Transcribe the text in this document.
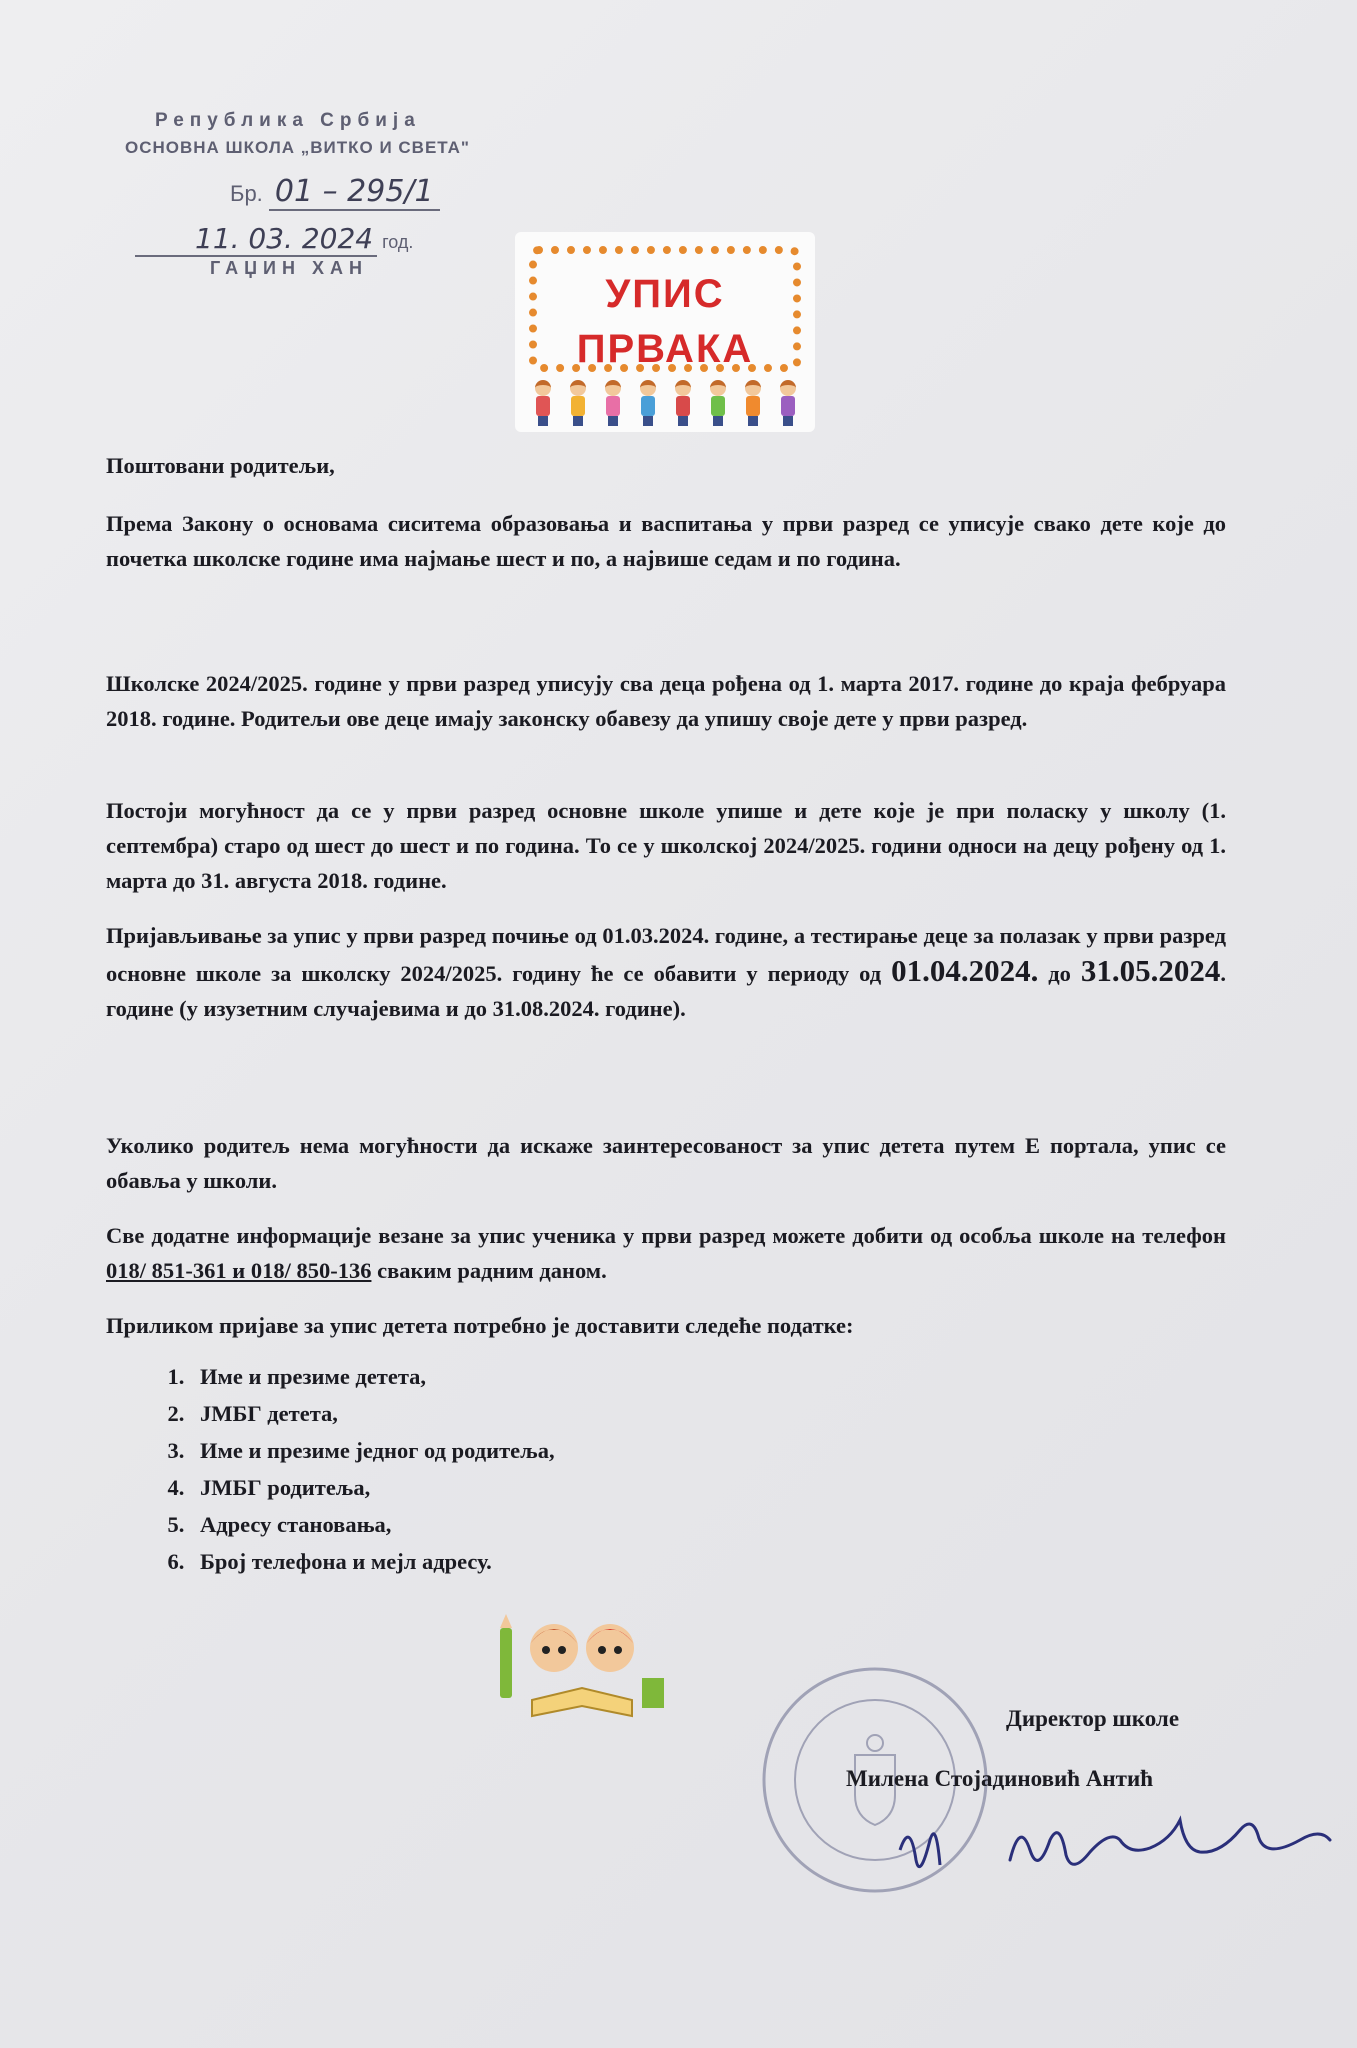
Република Србија
ОСНОВНА ШКОЛА „ВИТКО И СВЕТА"
Бр. 01 – 295/1
11. 03. 2024 год.
ГАЏИН ХАН
УПИС
ПРВАКА
Поштовани родитељи,

Према Закону о основама сиситема образовања и васпитања у први разред се уписује свако дете које до почетка школске године има најмање шест и по, а највише седам и по година.

Школске 2024/2025. године у први разред уписују сва деца рођена од 1. марта 2017. године до краја фебруара 2018. године. Родитељи ове деце имају законску обавезу да упишу своје дете у први разред.

Постоји могућност да се у први разред основне школе упише и дете које је при поласку у школу (1. септембра) старо од шест до шест и по година. То се у школској 2024/2025. години односи на децу рођену од 1. марта до 31. августа 2018. године.

Пријављивање за упис у први разред почиње од 01.03.2024. године, а тестирање деце за полазак у први разред основне школе за школску 2024/2025. годину ће се обавити у периоду од 01.04.2024. до 31.05.2024. године (у изузетним случајевима и до 31.08.2024. године).

Уколико родитељ нема могућности да искаже заинтересованост за упис детета путем Е портала, упис се обавља у школи.

Све додатне информације везане за упис ученика у први разред можете добити од особља школе на телефон 018/ 851-361 и 018/ 850-136 сваким радним даном.

Приликом пријаве за упис детета потребно је доставити следеће податке:

1. Име и презиме детета,
2. ЈМБГ детета,
3. Име и презиме једног од родитеља,
4. ЈМБГ родитеља,
5. Адресу становања,
6. Број телефона и мејл адресу.
Директор школе
Милена Стојадиновић Антић
